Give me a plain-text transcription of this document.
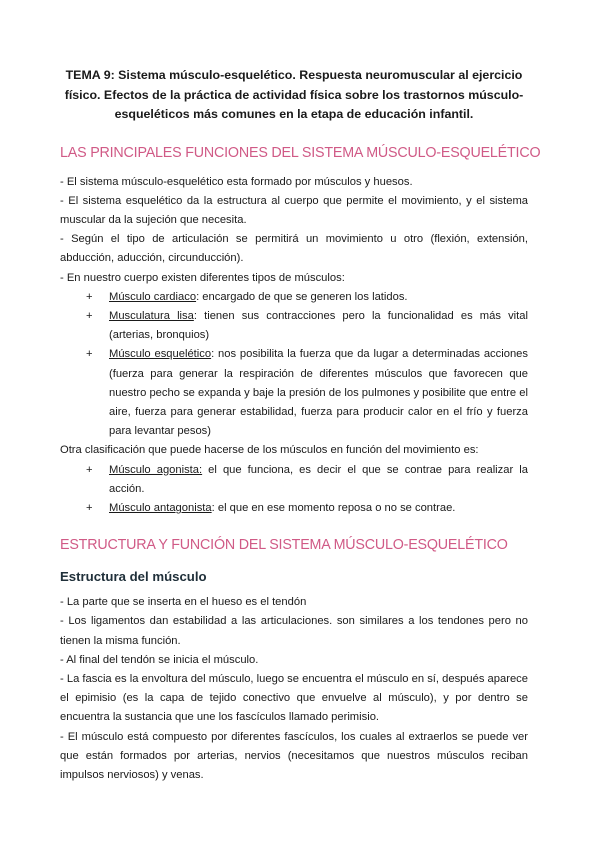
TEMA 9: Sistema músculo-esquelético. Respuesta neuromuscular al ejercicio físico. Efectos de la práctica de actividad física sobre los trastornos músculo-esqueléticos más comunes en la etapa de educación infantil.

LAS PRINCIPALES FUNCIONES DEL SISTEMA MÚSCULO-ESQUELÉTICO

- El sistema músculo-esquelético esta formado por músculos y huesos.

- El sistema esquelético da la estructura al cuerpo que permite el movimiento, y el sistema muscular da la sujeción que necesita.

- Según el tipo de articulación se permitirá un movimiento u otro (flexión, extensión, abducción, aducción, circunducción).

- En nuestro cuerpo existen diferentes tipos de músculos:

+ Músculo cardiaco: encargado de que se generen los latidos.
+ Musculatura lisa: tienen sus contracciones pero la funcionalidad es más vital (arterias, bronquios)
+ Músculo esquelético: nos posibilita la fuerza que da lugar a determinadas acciones (fuerza para generar la respiración de diferentes músculos que favorecen que nuestro pecho se expanda y baje la presión de los pulmones y posibilite que entre el aire, fuerza para generar estabilidad, fuerza para producir calor en el frío y fuerza para levantar pesos)

Otra clasificación que puede hacerse de los músculos en función del movimiento es:

+ Músculo agonista: el que funciona, es decir el que se contrae para realizar la acción.
+ Músculo antagonista: el que en ese momento reposa o no se contrae.
ESTRUCTURA Y FUNCIÓN DEL SISTEMA MÚSCULO-ESQUELÉTICO
Estructura del músculo

- La parte que se inserta en el hueso es el tendón

- Los ligamentos dan estabilidad a las articulaciones. son similares a los tendones pero no tienen la misma función.

- Al final del tendón se inicia el músculo.

- La fascia es la envoltura del músculo, luego se encuentra el músculo en sí, después aparece el epimisio (es la capa de tejido conectivo que envuelve al músculo), y por dentro se encuentra la sustancia que une los fascículos llamado perimisio.

- El músculo está compuesto por diferentes fascículos, los cuales al extraerlos se puede ver que están formados por arterias, nervios (necesitamos que nuestros músculos reciban impulsos nerviosos) y venas.
